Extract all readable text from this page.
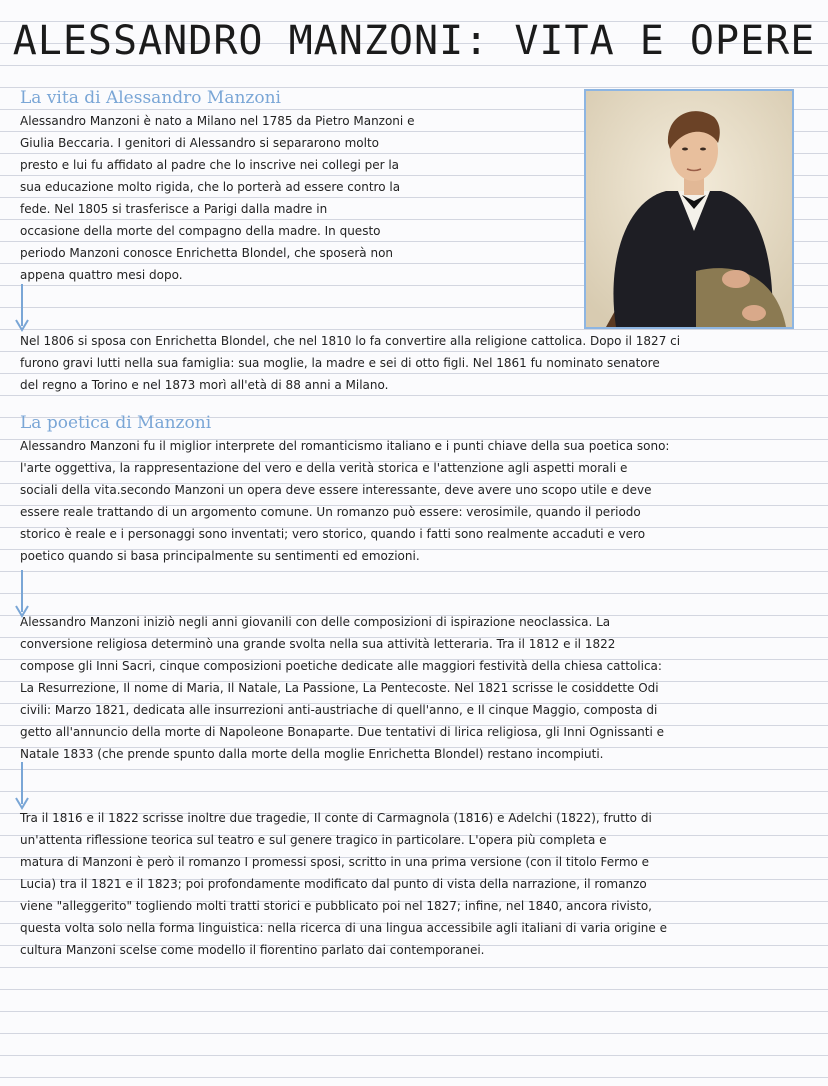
ALESSANDRO MANZONI: VITA E OPERE
La vita di Alessandro Manzoni
Alessandro Manzoni è nato a Milano nel 1785 da Pietro Manzoni e
Giulia Beccaria. I genitori di Alessandro si separarono molto
presto e lui fu affidato al padre che lo inscrive nei collegi per la
sua educazione molto rigida, che lo porterà ad essere contro la
fede. Nel 1805 si trasferisce a Parigi dalla madre in
occasione della morte del compagno della madre. In questo
periodo Manzoni conosce Enrichetta Blondel, che sposerà non
appena quattro mesi dopo.
Nel 1806 si sposa con Enrichetta Blondel, che nel 1810 lo fa convertire alla religione cattolica. Dopo il 1827 ci
furono gravi lutti nella sua famiglia: sua moglie, la madre e sei di otto figli. Nel 1861 fu nominato senatore
del regno a Torino e nel 1873 morì all'età di 88 anni a Milano.
La poetica di Manzoni
Alessandro Manzoni fu il miglior interprete del romanticismo italiano e i punti chiave della sua poetica sono:
l'arte oggettiva, la rappresentazione del vero e della verità storica e l'attenzione agli aspetti morali e
sociali della vita.secondo Manzoni un opera deve essere interessante, deve avere uno scopo utile e deve
essere reale trattando di un argomento comune. Un romanzo può essere: verosimile, quando il periodo
storico è reale e i personaggi sono inventati; vero storico, quando i fatti sono realmente accaduti e vero
poetico quando si basa principalmente su sentimenti ed emozioni.
Alessandro Manzoni iniziò negli anni giovanili con delle composizioni di ispirazione neoclassica. La
conversione religiosa determinò una grande svolta nella sua attività letteraria. Tra il 1812 e il 1822
compose gli Inni Sacri, cinque composizioni poetiche dedicate alle maggiori festività della chiesa cattolica:
La Resurrezione, Il nome di Maria, Il Natale, La Passione, La Pentecoste. Nel 1821 scrisse le cosiddette Odi
civili: Marzo 1821, dedicata alle insurrezioni anti-austriache di quell'anno, e Il cinque Maggio, composta di
getto all'annuncio della morte di Napoleone Bonaparte. Due tentativi di lirica religiosa, gli Inni Ognissanti e
Natale 1833 (che prende spunto dalla morte della moglie Enrichetta Blondel) restano incompiuti.
Tra il 1816 e il 1822 scrisse inoltre due tragedie, Il conte di Carmagnola (1816) e Adelchi (1822), frutto di
un'attenta riflessione teorica sul teatro e sul genere tragico in particolare. L'opera più completa e
matura di Manzoni è però il romanzo I promessi sposi, scritto in una prima versione (con il titolo Fermo e
Lucia) tra il 1821 e il 1823; poi profondamente modificato dal punto di vista della narrazione, il romanzo
viene "alleggerito" togliendo molti tratti storici e pubblicato poi nel 1827; infine, nel 1840, ancora rivisto,
questa volta solo nella forma linguistica: nella ricerca di una lingua accessibile agli italiani di varia origine e
cultura Manzoni scelse come modello il fiorentino parlato dai contemporanei.
